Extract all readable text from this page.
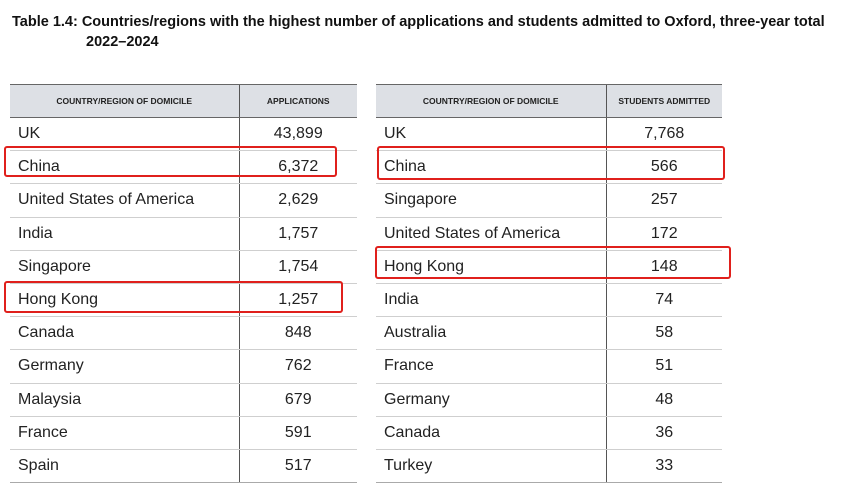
Table 1.4: Countries/regions with the highest number of applications and students admitted to Oxford, three-year total
2022–2024
COUNTRY/REGION OF DOMICILE	APPLICATIONS
UK	43,899
China	6,372
United States of America	2,629
India	1,757
Singapore	1,754
Hong Kong	1,257
Canada	848
Germany	762
Malaysia	679
France	591
Spain	517
COUNTRY/REGION OF DOMICILE	STUDENTS ADMITTED
UK	7,768
China	566
Singapore	257
United States of America	172
Hong Kong	148
India	74
Australia	58
France	51
Germany	48
Canada	36
Turkey	33
